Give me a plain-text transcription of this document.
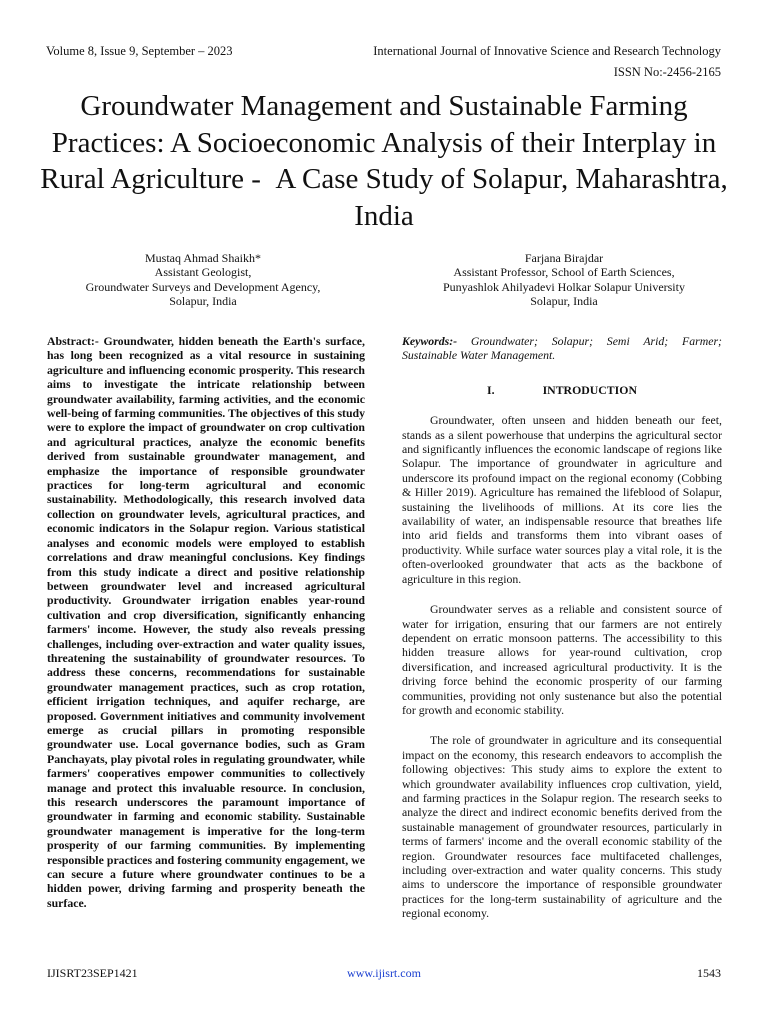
Volume 8, Issue 9, September – 2023	International Journal of Innovative Science and Research Technology
ISSN No:-2456-2165
Groundwater Management and Sustainable Farming Practices: A Socioeconomic Analysis of their Interplay in Rural Agriculture -  A Case Study of Solapur, Maharashtra, India
Mustaq Ahmad Shaikh*
Assistant Geologist,
Groundwater Surveys and Development Agency,
Solapur, India
Farjana Birajdar
Assistant Professor, School of Earth Sciences,
Punyashlok Ahilyadevi Holkar Solapur University
Solapur, India

Abstract:- Groundwater, hidden beneath the Earth's surface, has long been recognized as a vital resource in sustaining agriculture and influencing economic prosperity. This research aims to investigate the intricate relationship between groundwater availability, farming activities, and the economic well-being of farming communities. The objectives of this study were to explore the impact of groundwater on crop cultivation and agricultural practices, analyze the economic benefits derived from sustainable groundwater management, and emphasize the importance of responsible groundwater practices for long-term agricultural and economic sustainability. Methodologically, this research involved data collection on groundwater levels, agricultural practices, and economic indicators in the Solapur region. Various statistical analyses and economic models were employed to establish correlations and draw meaningful conclusions. Key findings from this study indicate a direct and positive relationship between groundwater level and increased agricultural productivity. Groundwater irrigation enables year-round cultivation and crop diversification, significantly enhancing farmers' income. However, the study also reveals pressing challenges, including over-extraction and water quality issues, threatening the sustainability of groundwater resources. To address these concerns, recommendations for sustainable groundwater management practices, such as crop rotation, efficient irrigation techniques, and aquifer recharge, are proposed. Government initiatives and community involvement emerge as crucial pillars in promoting responsible groundwater use. Local governance bodies, such as Gram Panchayats, play pivotal roles in regulating groundwater, while farmers' cooperatives empower communities to collectively manage and protect this invaluable resource. In conclusion, this research underscores the paramount importance of groundwater in farming and economic stability. Sustainable groundwater management is imperative for the long-term prosperity of our farming communities. By implementing responsible practices and fostering community engagement, we can secure a future where groundwater continues to be a hidden power, driving farming and prosperity beneath the surface.

Keywords:- Groundwater; Solapur; Semi Arid; Farmer; Sustainable Water Management.

I.	INTRODUCTION

Groundwater, often unseen and hidden beneath our feet, stands as a silent powerhouse that underpins the agricultural sector and significantly influences the economic landscape of regions like Solapur. The importance of groundwater in agriculture and underscore its profound impact on the regional economy (Cobbing & Hiller 2019). Agriculture has remained the lifeblood of Solapur, sustaining the livelihoods of millions. At its core lies the availability of water, an indispensable resource that breathes life into arid fields and transforms them into vibrant oases of productivity. While surface water sources play a vital role, it is the often-overlooked groundwater that acts as the backbone of agriculture in this region.

Groundwater serves as a reliable and consistent source of water for irrigation, ensuring that our farmers are not entirely dependent on erratic monsoon patterns. The accessibility to this hidden treasure allows for year-round cultivation, crop diversification, and increased agricultural productivity. It is the driving force behind the economic prosperity of our farming communities, providing not only sustenance but also the potential for growth and economic stability.

The role of groundwater in agriculture and its consequential impact on the economy, this research endeavors to accomplish the following objectives: This study aims to explore the extent to which groundwater availability influences crop cultivation, yield, and farming practices in the Solapur region. The research seeks to analyze the direct and indirect economic benefits derived from the sustainable management of groundwater resources, particularly in terms of farmers' income and the overall economic stability of the region. Groundwater resources face multifaceted challenges, including over-extraction and water quality concerns. This study aims to underscore the importance of responsible groundwater practices for the long-term sustainability of agriculture and the regional economy.

IJISRT23SEP1421	www.ijisrt.com	1543
